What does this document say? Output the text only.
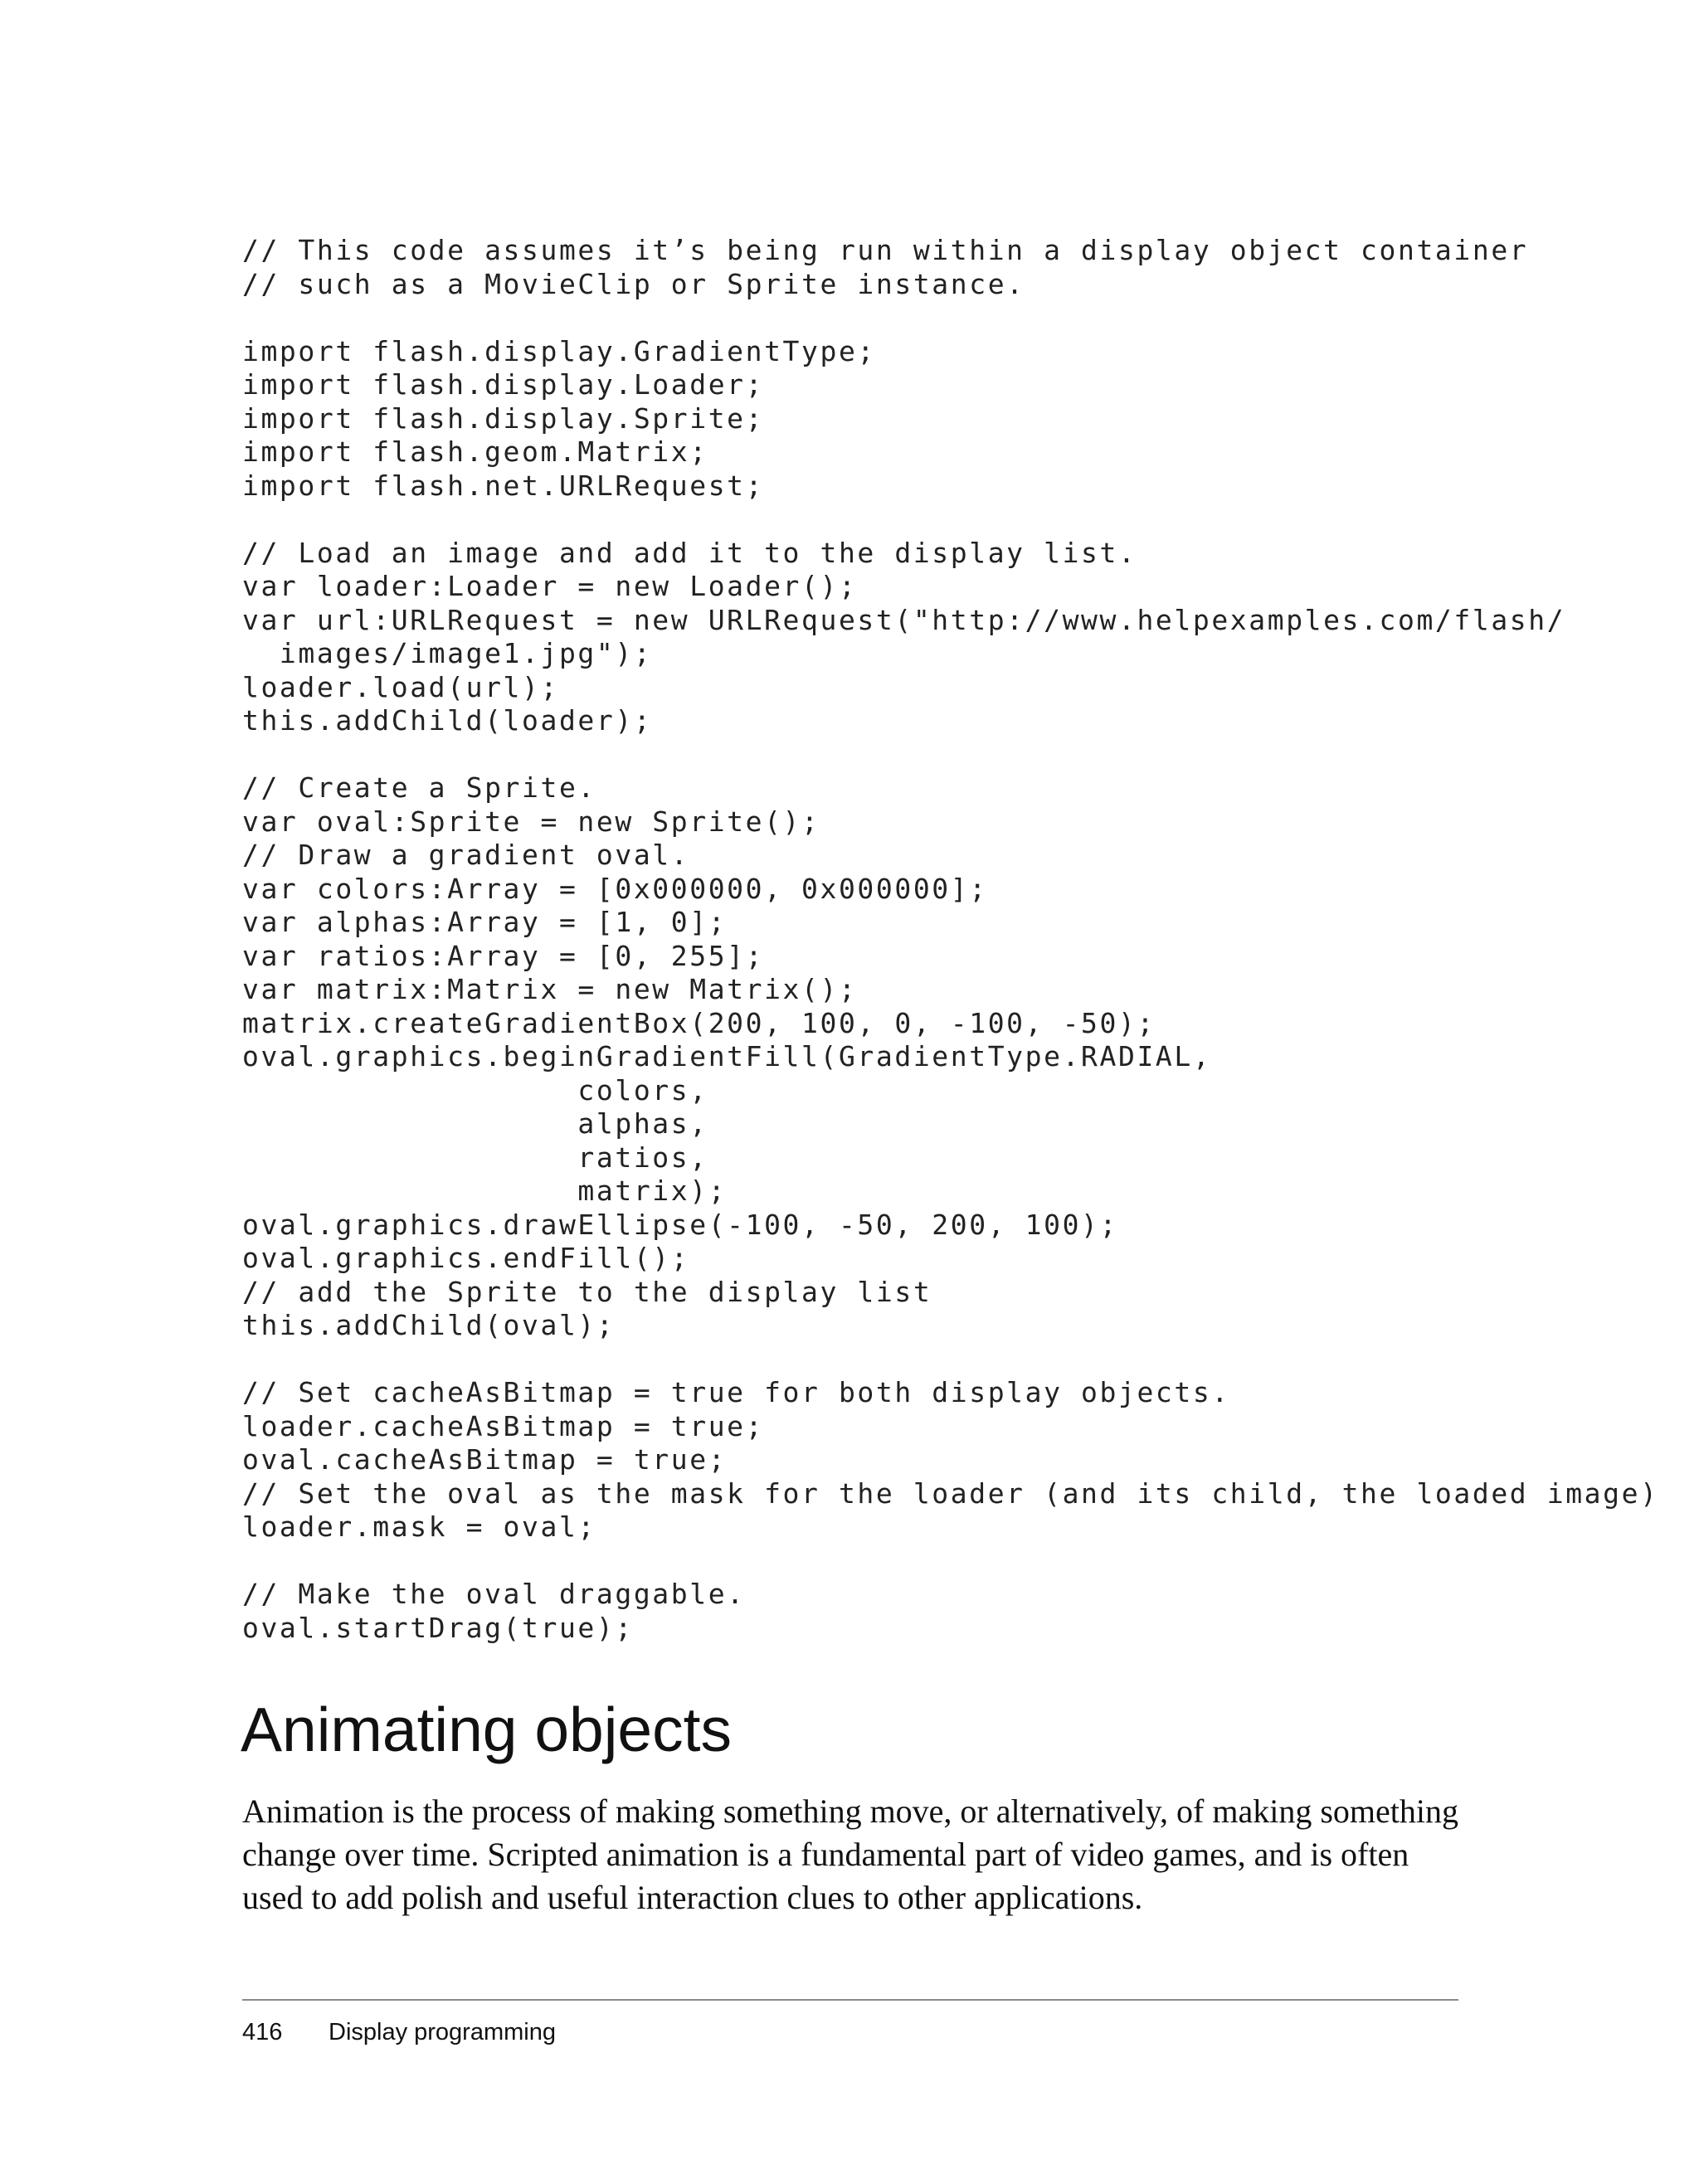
// This code assumes it’s being run within a display object container
// such as a MovieClip or Sprite instance.
import flash.display.GradientType;
import flash.display.Loader;
import flash.display.Sprite;
import flash.geom.Matrix;
import flash.net.URLRequest;
// Load an image and add it to the display list.
var loader:Loader = new Loader();
var url:URLRequest = new URLRequest("http://www.helpexamples.com/flash/
images/image1.jpg");
loader.load(url);
this.addChild(loader);
// Create a Sprite.
var oval:Sprite = new Sprite();
// Draw a gradient oval.
var colors:Array = [0x000000, 0x000000];
var alphas:Array = [1, 0];
var ratios:Array = [0, 255];
var matrix:Matrix = new Matrix();
matrix.createGradientBox(200, 100, 0, -100, -50);
oval.graphics.beginGradientFill(GradientType.RADIAL,
colors,
alphas,
ratios,
matrix);
oval.graphics.drawEllipse(-100, -50, 200, 100);
oval.graphics.endFill();
// add the Sprite to the display list
this.addChild(oval);
// Set cacheAsBitmap = true for both display objects.
loader.cacheAsBitmap = true;
oval.cacheAsBitmap = true;
// Set the oval as the mask for the loader (and its child, the loaded image)
loader.mask = oval;
// Make the oval draggable.
oval.startDrag(true);
Animating objects

Animation is the process of making something move, or alternatively, of making something change over time. Scripted animation is a fundamental part of video games, and is often used to add polish and useful interaction clues to other applications.

416 Display programming
